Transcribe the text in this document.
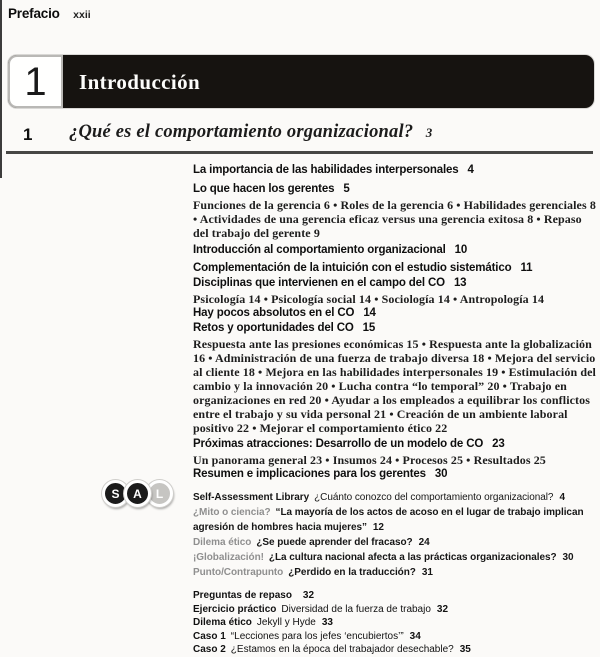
Prefacio xxii
1 Introducción
1 ¿Qué es el comportamiento organizacional? 3
S A L
La importancia de las habilidades interpersonales 4
Lo que hacen los gerentes 5
Funciones de la gerencia 6 • Roles de la gerencia 6 • Habilidades gerenciales 8 • Actividades de una gerencia eficaz versus una gerencia exitosa 8 • Repaso del trabajo del gerente 9
Introducción al comportamiento organizacional 10
Complementación de la intuición con el estudio sistemático 11
Disciplinas que intervienen en el campo del CO 13
Psicología 14 • Psicología social 14 • Sociología 14 • Antropología 14
Hay pocos absolutos en el CO 14
Retos y oportunidades del CO 15
Respuesta ante las presiones económicas 15 • Respuesta ante la globalización 16 • Administración de una fuerza de trabajo diversa 18 • Mejora del servicio al cliente 18 • Mejora en las habilidades interpersonales 19 • Estimulación del cambio y la innovación 20 • Lucha contra “lo temporal” 20 • Trabajo en organizaciones en red 20 • Ayudar a los empleados a equilibrar los conflictos entre el trabajo y su vida personal 21 • Creación de un ambiente laboral positivo 22 • Mejorar el comportamiento ético 22
Próximas atracciones: Desarrollo de un modelo de CO 23
Un panorama general 23 • Insumos 24 • Procesos 25 • Resultados 25
Resumen e implicaciones para los gerentes 30
Self-Assessment Library ¿Cuánto conozco del comportamiento organizacional? 4
¿Mito o ciencia? “La mayoría de los actos de acoso en el lugar de trabajo implican agresión de hombres hacia mujeres” 12
Dilema ético ¿Se puede aprender del fracaso? 24
¡Globalización! ¿La cultura nacional afecta a las prácticas organizacionales? 30
Punto/Contrapunto ¿Perdido en la traducción? 31
Preguntas de repaso 32
Ejercicio práctico Diversidad de la fuerza de trabajo 32
Dilema ético Jekyll y Hyde 33
Caso 1 “Lecciones para los jefes ‘encubiertos’” 34
Caso 2 ¿Estamos en la época del trabajador desechable? 35
